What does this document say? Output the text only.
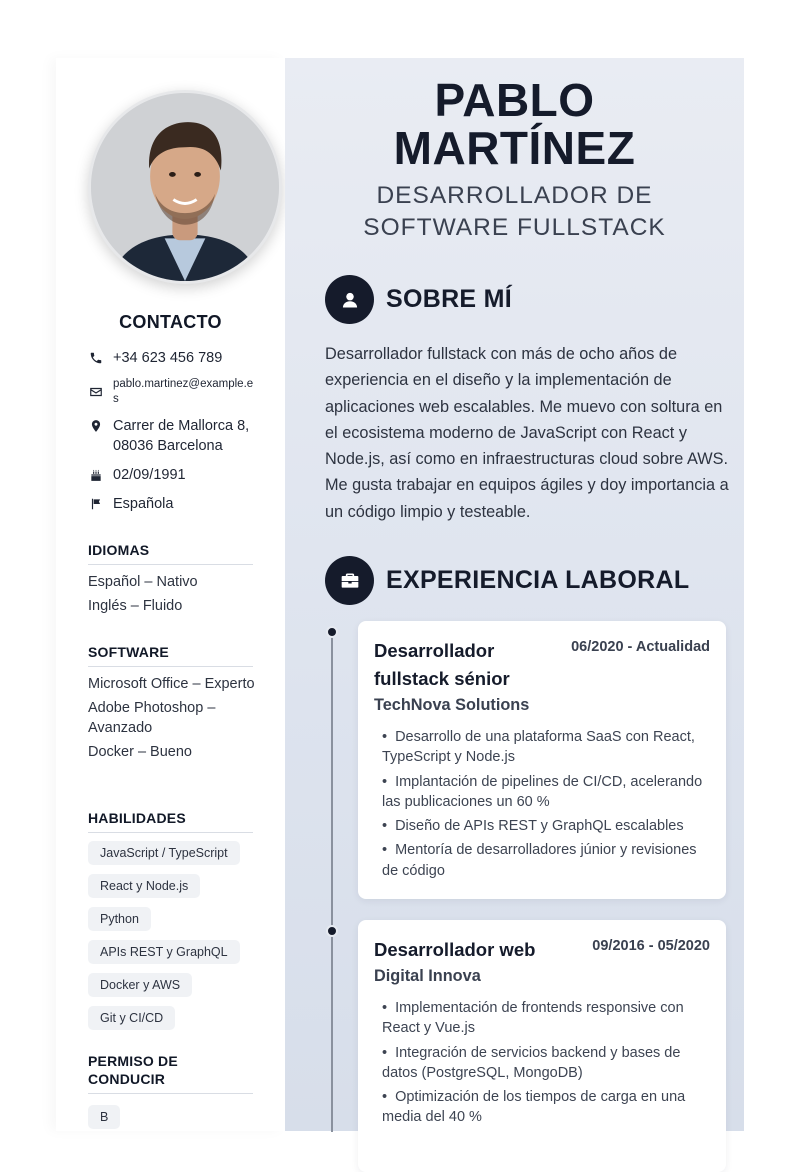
CONTACTO
+34 623 456 789
pablo.martinez@example.es
Carrer de Mallorca 8,
08036 Barcelona
02/09/1991
Española
IDIOMAS
Español – Nativo
Inglés – Fluido
SOFTWARE
Microsoft Office – Experto
Adobe Photoshop – Avanzado
Docker – Bueno
HABILIDADES
JavaScript / TypeScript
React y Node.js
Python
APIs REST y GraphQL
Docker y AWS
Git y CI/CD
PERMISO DE CONDUCIR
B
PABLO
MARTÍNEZ
DESARROLLADOR DE
SOFTWARE FULLSTACK
SOBRE MÍ

Desarrollador fullstack con más de ocho años de experiencia en el diseño y la implementación de aplicaciones web escalables. Me muevo con soltura en el ecosistema moderno de JavaScript con React y Node.js, así como en infraestructuras cloud sobre AWS. Me gusta trabajar en equipos ágiles y doy importancia a un código limpio y testeable.

EXPERIENCIA LABORAL
Desarrollador fullstack sénior
06/2020 - Actualidad
TechNova Solutions
• Desarrollo de una plataforma SaaS con React, TypeScript y Node.js
• Implantación de pipelines de CI/CD, acelerando las publicaciones un 60 %
• Diseño de APIs REST y GraphQL escalables
• Mentoría de desarrolladores júnior y revisiones de código
Desarrollador web	09/2016 - 05/2020
Digital Innova
• Implementación de frontends responsive con React y Vue.js
• Integración de servicios backend y bases de datos (PostgreSQL, MongoDB)
• Optimización de los tiempos de carga en una media del 40 %
